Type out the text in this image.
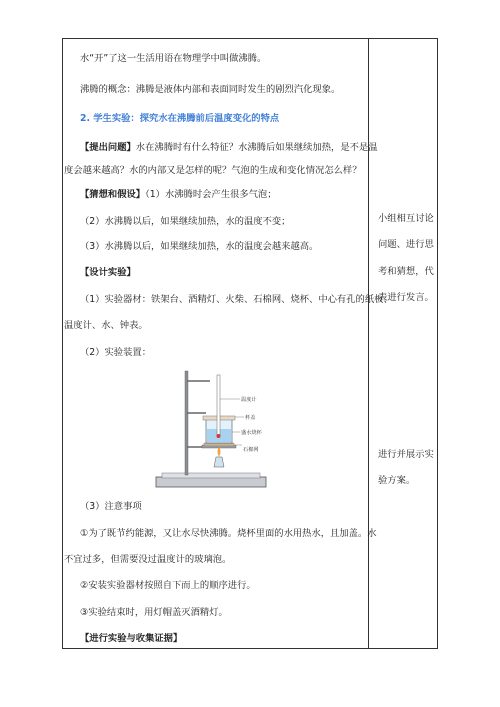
水“开”了这一生活用语在物理学中叫做沸腾。
沸腾的概念：沸腾是液体内部和表面同时发生的剧烈汽化现象。
2. 学生实验：探究水在沸腾前后温度变化的特点
【提出问题】水在沸腾时有什么特征？水沸腾后如果继续加热，是不是温
度会越来越高？水的内部又是怎样的呢？气泡的生成和变化情况怎么样？
【猜想和假设】（1）水沸腾时会产生很多气泡；
（2）水沸腾以后，如果继续加热，水的温度不变；
（3）水沸腾以后，如果继续加热，水的温度会越来越高。
【设计实验】
（1）实验器材：铁架台、酒精灯、火柴、石棉网、烧杯、中心有孔的纸板、
温度计、水、钟表。
（2）实验装置：
温度计
杯盖
盛水烧杯
石棉网
（3）注意事项
①为了既节约能源，又让水尽快沸腾。烧杯里面的水用热水，且加盖。水
不宜过多，但需要没过温度计的玻璃泡。
②安装实验器材按照自下而上的顺序进行。
③实验结束时，用灯帽盖灭酒精灯。
【进行实验与收集证据】
小组相互讨论
问题、进行思
考和猜想，代
表进行发言。
进行并展示实
验方案。
